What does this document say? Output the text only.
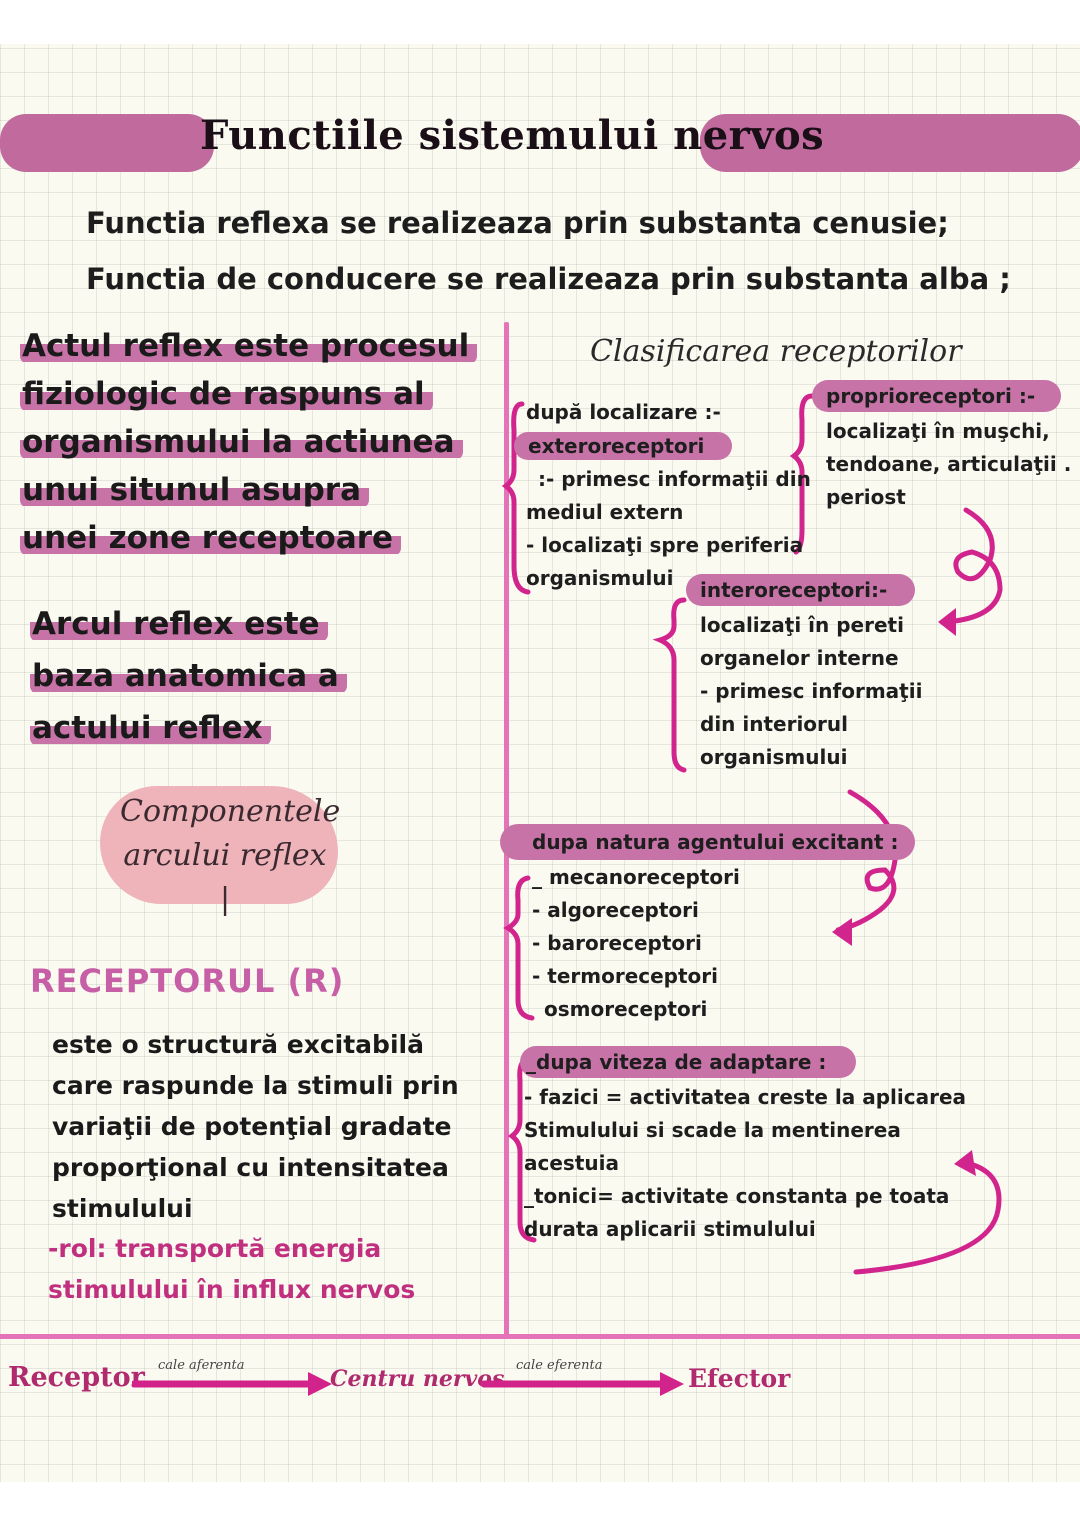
Functiile sistemului nervos
Functia reflexa se realizeaza prin substanta cenusie;
Functia de conducere se realizeaza prin substanta alba ;
Actul reflex este procesul
fiziologic de raspuns al
organismului la actiunea
unui situnul asupra
unei zone receptoare
Arcul reflex este
baza anatomica a
actului reflex
Componentele
arcului reflex |
RECEPTORUL (R)
este o structură excitabilă
care raspunde la stimuli prin
variaţii de potenţial gradate
proporţional cu intensitatea
stimulului
-rol: transportă energia
stimulului în influx nervos
Clasificarea receptorilor
după localizare :-
exteroreceptori
:- primesc informaţii din
mediul extern
- localizaţi spre periferia
organismului
proprioreceptori :-
localizaţi în muşchi,
tendoane, articulaţii .
periost
interoreceptori:-
localizaţi în pereti
organelor interne
- primesc informaţii
din interiorul
organismului
dupa natura agentului excitant :
_ mecanoreceptori
- algoreceptori
- baroreceptori
- termoreceptori
osmoreceptori
_dupa viteza de adaptare :
- fazici = activitatea creste la aplicarea
Stimulului si scade la mentinerea
acestuia
_tonici= activitate constanta pe toata
durata aplicarii stimulului
Receptor cale aferenta
Centru nervos
cale eferenta	Efector
